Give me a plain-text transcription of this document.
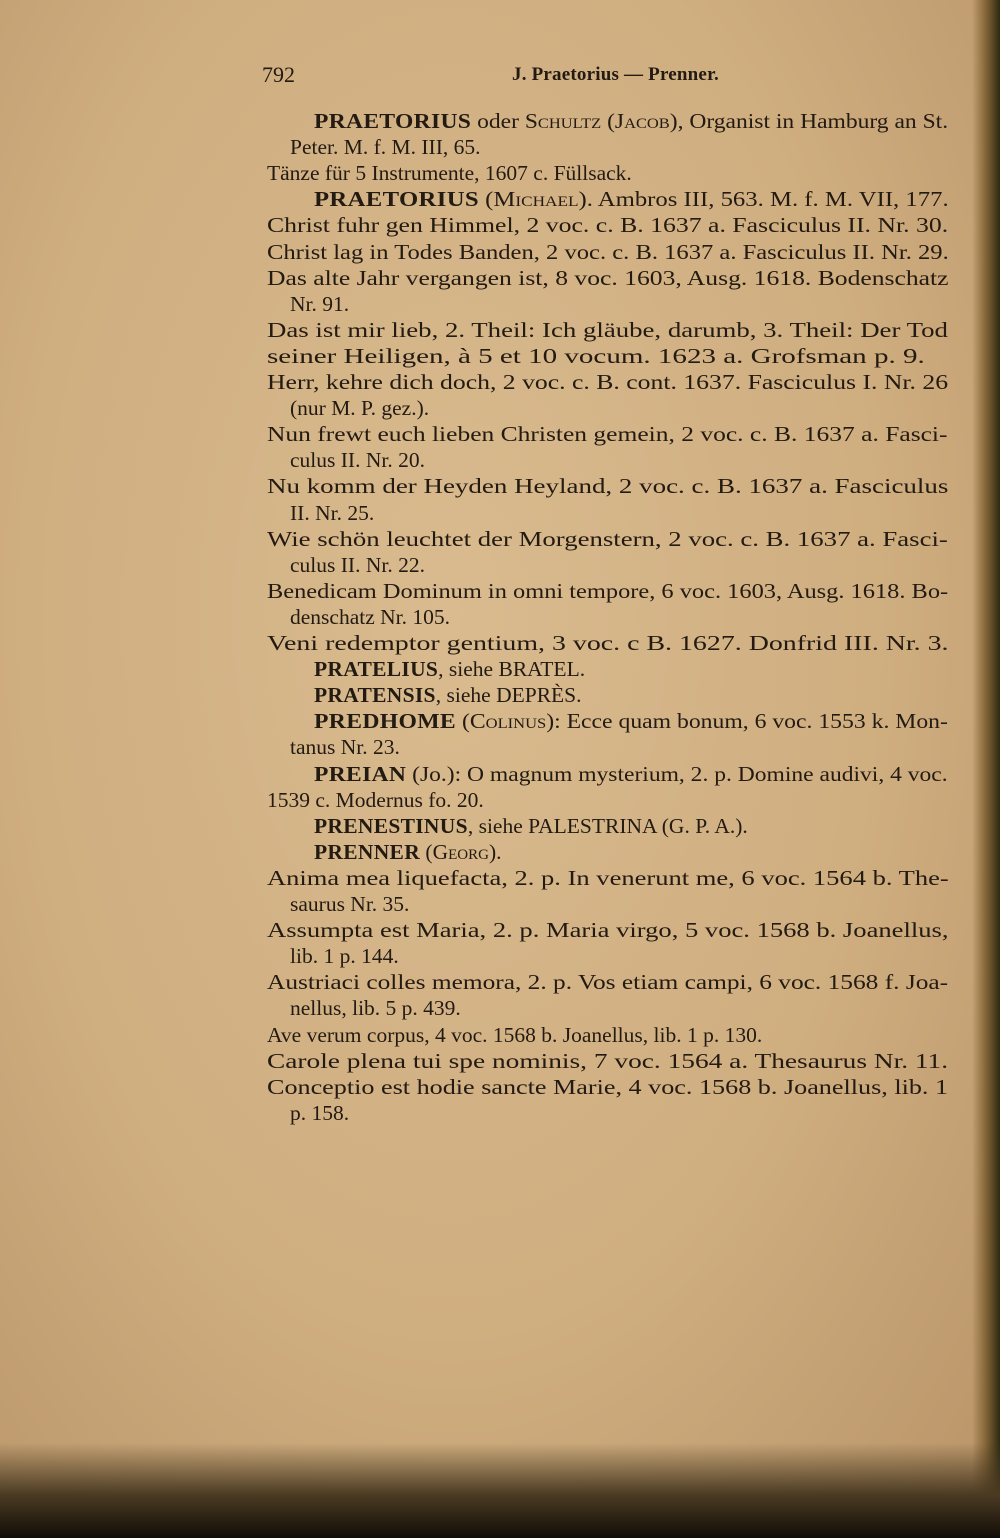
792	J. Praetorius — Prenner.
PRAETORIUS oder Schultz (Jacob), Organist in Hamburg an St.
Peter. M. f. M. III, 65.
Tänze für 5 Instrumente, 1607 c. Füllsack.
PRAETORIUS (Michael). Ambros III, 563. M. f. M. VII, 177.
Christ fuhr gen Himmel, 2 voc. c. B. 1637 a. Fasciculus II. Nr. 30.
Christ lag in Todes Banden, 2 voc. c. B. 1637 a. Fasciculus II. Nr. 29.
Das alte Jahr vergangen ist, 8 voc. 1603, Ausg. 1618. Bodenschatz
Nr. 91.
Das ist mir lieb, 2. Theil: Ich gläube, darumb, 3. Theil: Der Tod
seiner Heiligen, à 5 et 10 vocum. 1623 a. Grofsman p. 9.
Herr, kehre dich doch, 2 voc. c. B. cont. 1637. Fasciculus I. Nr. 26
(nur M. P. gez.).
Nun frewt euch lieben Christen gemein, 2 voc. c. B. 1637 a. Fasci-
culus II. Nr. 20.
Nu komm der Heyden Heyland, 2 voc. c. B. 1637 a. Fasciculus
II. Nr. 25.
Wie schön leuchtet der Morgenstern, 2 voc. c. B. 1637 a. Fasci-
culus II. Nr. 22.
Benedicam Dominum in omni tempore, 6 voc. 1603, Ausg. 1618. Bo-
denschatz Nr. 105.
Veni redemptor gentium, 3 voc. c B. 1627. Donfrid III. Nr. 3.
PRATELIUS, siehe BRATEL.
PRATENSIS, siehe DEPRÈS.
PREDHOME (Colinus): Ecce quam bonum, 6 voc. 1553 k. Mon-
tanus Nr. 23.
PREIAN (Jo.): O magnum mysterium, 2. p. Domine audivi, 4 voc.
1539 c. Modernus fo. 20.
PRENESTINUS, siehe PALESTRINA (G. P. A.).
PRENNER (Georg).
Anima mea liquefacta, 2. p. In venerunt me, 6 voc. 1564 b. The-
saurus Nr. 35.
Assumpta est Maria, 2. p. Maria virgo, 5 voc. 1568 b. Joanellus,
lib. 1 p. 144.
Austriaci colles memora, 2. p. Vos etiam campi, 6 voc. 1568 f. Joa-
nellus, lib. 5 p. 439.
Ave verum corpus, 4 voc. 1568 b. Joanellus, lib. 1 p. 130.
Carole plena tui spe nominis, 7 voc. 1564 a. Thesaurus Nr. 11.
Conceptio est hodie sancte Marie, 4 voc. 1568 b. Joanellus, lib. 1
p. 158.
